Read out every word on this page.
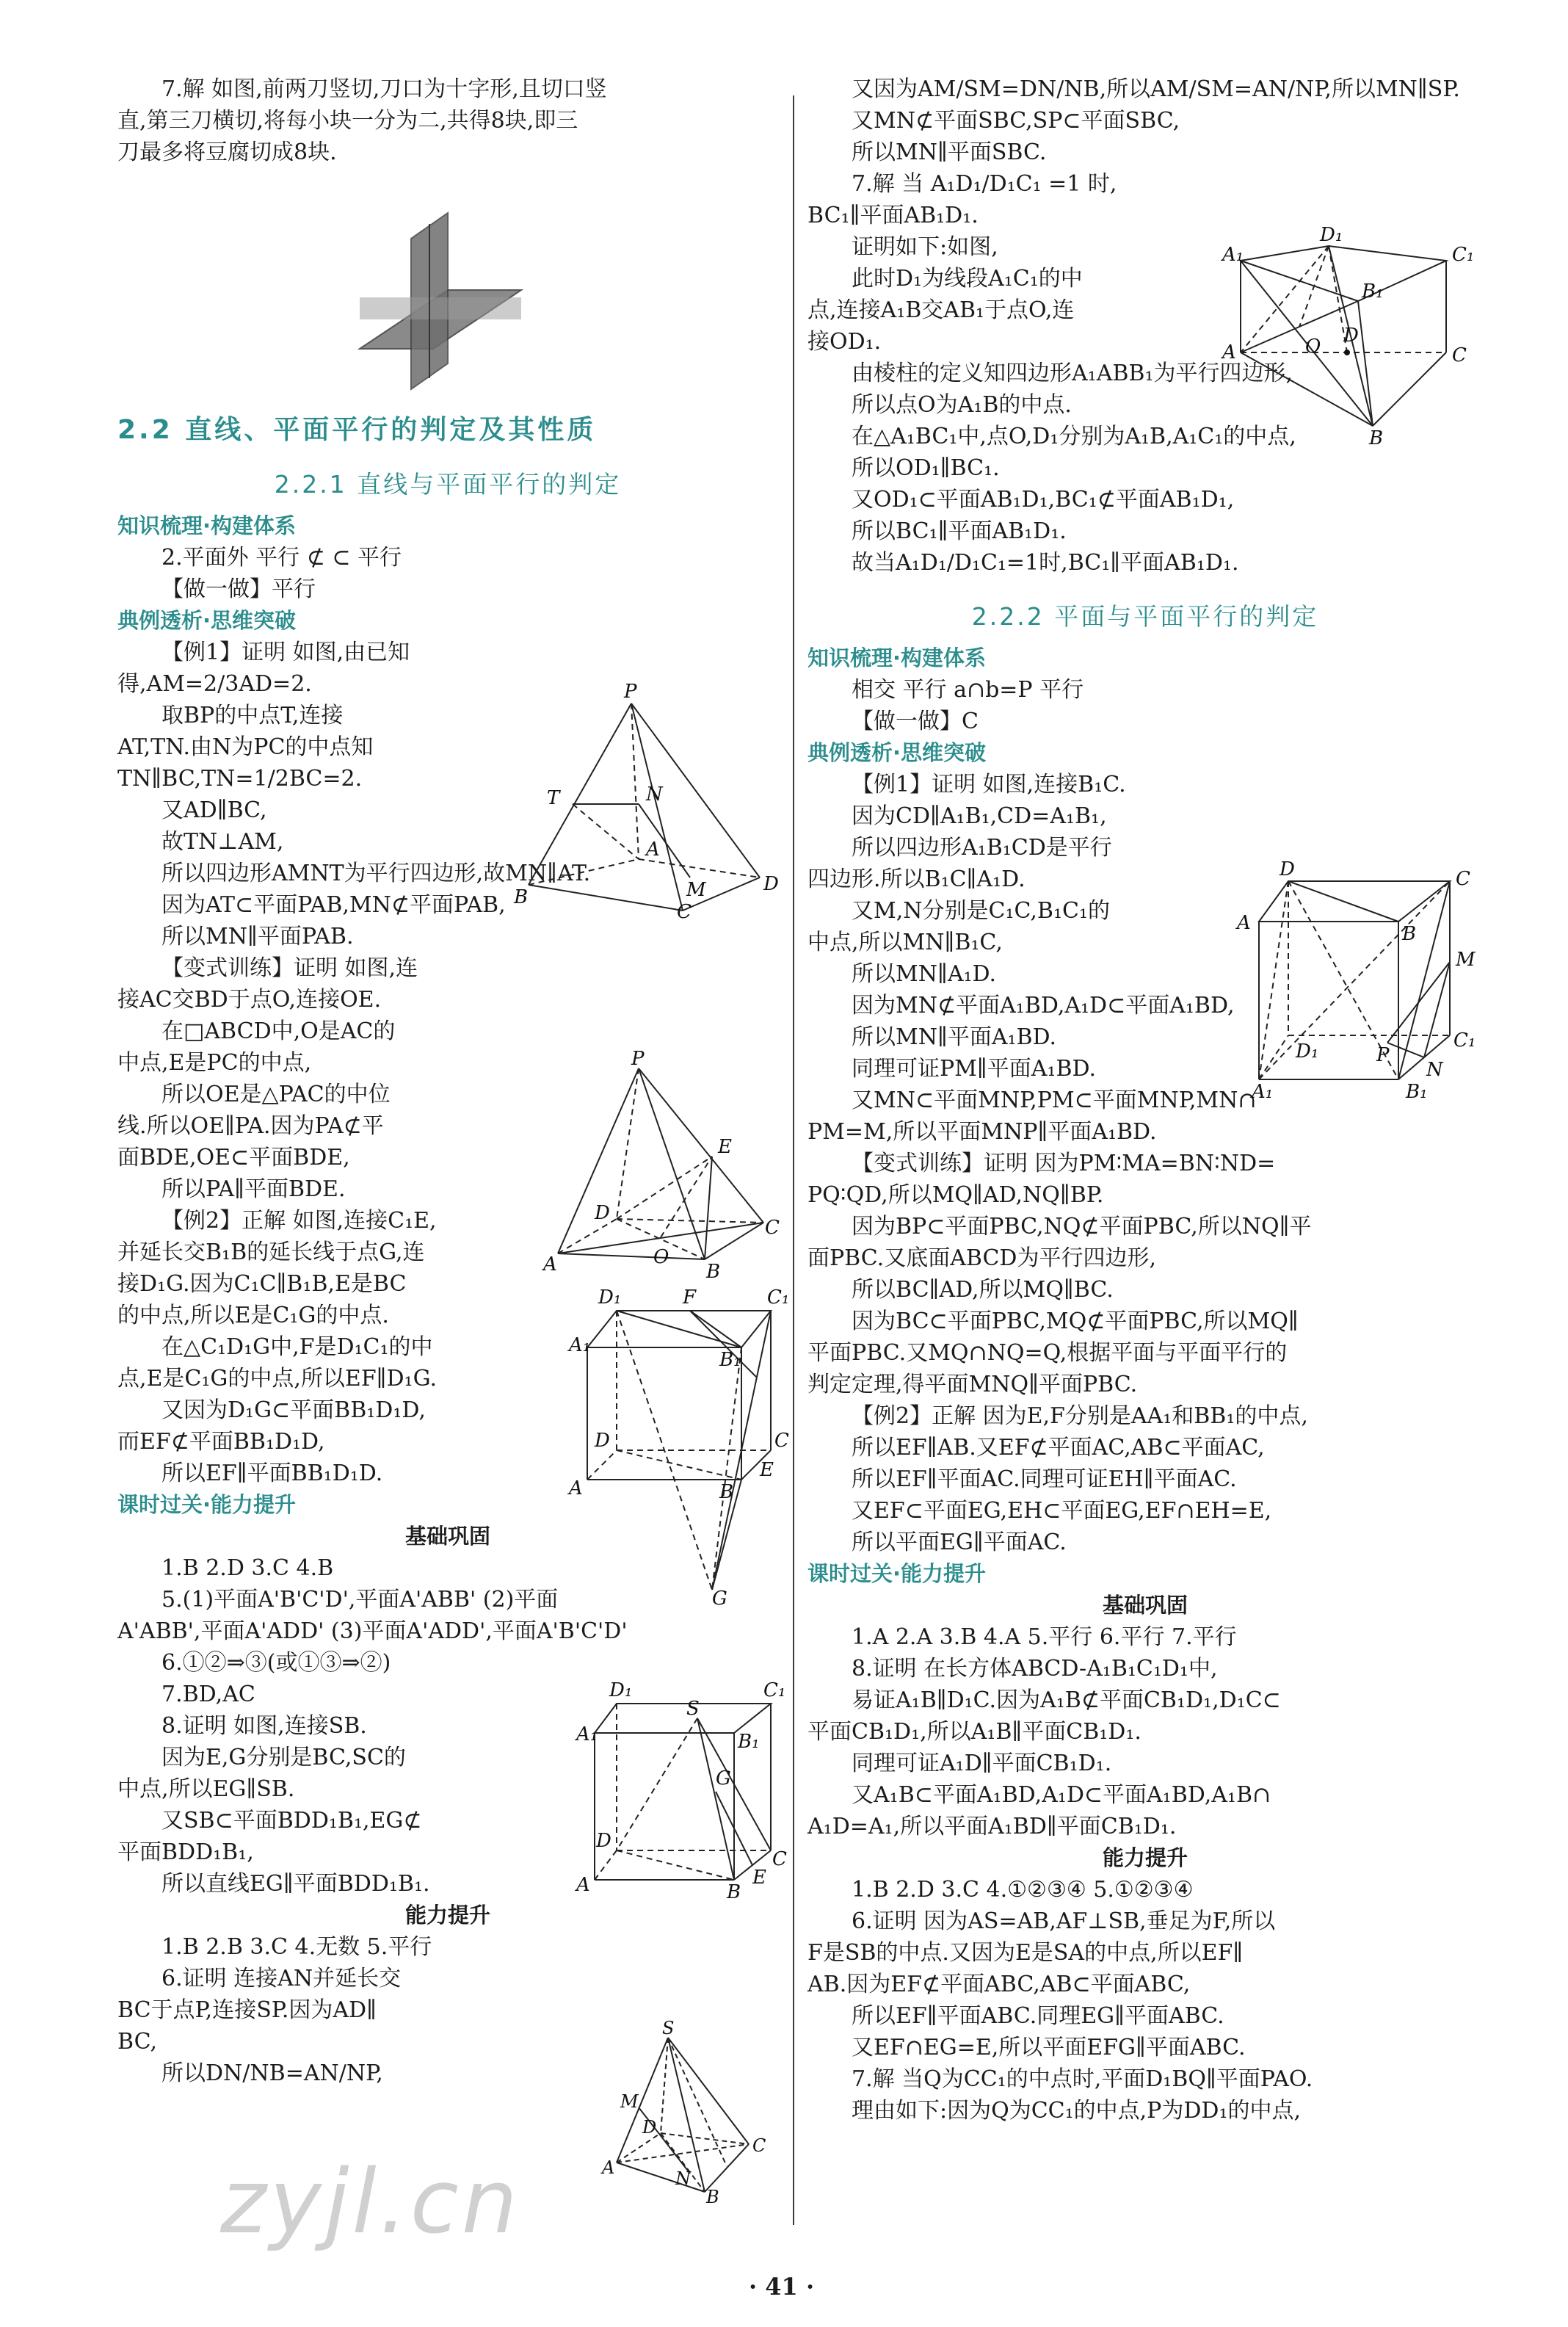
7.解 如图,前两刀竖切,刀口为十字形,且切口竖
直,第三刀横切,将每小块一分为二,共得8块,即三
刀最多将豆腐切成8块.
2.2 直线、平面平行的判定及其性质
2.2.1 直线与平面平行的判定
知识梳理·构建体系
2.平面外 平行 ⊄ ⊂ 平行
【做一做】平行
典例透析·思维突破
【例1】证明 如图,由已知
得,AM=2/3AD=2.
取BP的中点T,连接
AT,TN.由N为PC的中点知
TN∥BC,TN=1/2BC=2.
又AD∥BC,
故TN⊥AM,
所以四边形AMNT为平行四边形,故MN∥AT.
因为AT⊂平面PAB,MN⊄平面PAB,
所以MN∥平面PAB.
【变式训练】证明 如图,连
接AC交BD于点O,连接OE.
在□ABCD中,O是AC的
中点,E是PC的中点,
所以OE是△PAC的中位
线.所以OE∥PA.因为PA⊄平
面BDE,OE⊂平面BDE,
所以PA∥平面BDE.
【例2】正解 如图,连接C₁E,
并延长交B₁B的延长线于点G,连
接D₁G.因为C₁C∥B₁B,E是BC
的中点,所以E是C₁G的中点.
在△C₁D₁G中,F是D₁C₁的中
点,E是C₁G的中点,所以EF∥D₁G.
又因为D₁G⊂平面BB₁D₁D,
而EF⊄平面BB₁D₁D,
所以EF∥平面BB₁D₁D.
课时过关·能力提升
基础巩固
1.B 2.D 3.C 4.B
5.(1)平面A'B'C'D',平面A'ABB' (2)平面
A'ABB',平面A'ADD' (3)平面A'ADD',平面A'B'C'D'
6.①②⇒③(或①③⇒②)
7.BD,AC
8.证明 如图,连接SB.
因为E,G分别是BC,SC的
中点,所以EG∥SB.
又SB⊂平面BDD₁B₁,EG⊄
平面BDD₁B₁,
所以直线EG∥平面BDD₁B₁.
能力提升
1.B 2.B 3.C 4.无数 5.平行
6.证明 连接AN并延长交
BC于点P,连接SP.因为AD∥
BC,
所以DN/NB=AN/NP,
又因为AM/SM=DN/NB,所以AM/SM=AN/NP,所以MN∥SP.
又MN⊄平面SBC,SP⊂平面SBC,
所以MN∥平面SBC.
7.解 当 A₁D₁/D₁C₁ =1 时,
BC₁∥平面AB₁D₁.
证明如下:如图,
此时D₁为线段A₁C₁的中
点,连接A₁B交AB₁于点O,连
接OD₁.
由棱柱的定义知四边形A₁ABB₁为平行四边形,
所以点O为A₁B的中点.
在△A₁BC₁中,点O,D₁分别为A₁B,A₁C₁的中点,
所以OD₁∥BC₁.
又OD₁⊂平面AB₁D₁,BC₁⊄平面AB₁D₁,
所以BC₁∥平面AB₁D₁.
故当A₁D₁/D₁C₁=1时,BC₁∥平面AB₁D₁.
2.2.2 平面与平面平行的判定
知识梳理·构建体系
相交 平行 a∩b=P 平行
【做一做】C
典例透析·思维突破
【例1】证明 如图,连接B₁C.
因为CD∥A₁B₁,CD=A₁B₁,
所以四边形A₁B₁CD是平行
四边形.所以B₁C∥A₁D.
又M,N分别是C₁C,B₁C₁的
中点,所以MN∥B₁C,
所以MN∥A₁D.
因为MN⊄平面A₁BD,A₁D⊂平面A₁BD,
所以MN∥平面A₁BD.
同理可证PM∥平面A₁BD.
又MN⊂平面MNP,PM⊂平面MNP,MN∩
PM=M,所以平面MNP∥平面A₁BD.
【变式训练】证明 因为PM∶MA=BN∶ND=
PQ∶QD,所以MQ∥AD,NQ∥BP.
因为BP⊂平面PBC,NQ⊄平面PBC,所以NQ∥平
面PBC.又底面ABCD为平行四边形,
所以BC∥AD,所以MQ∥BC.
因为BC⊂平面PBC,MQ⊄平面PBC,所以MQ∥
平面PBC.又MQ∩NQ=Q,根据平面与平面平行的
判定定理,得平面MNQ∥平面PBC.
【例2】正解 因为E,F分别是AA₁和BB₁的中点,
所以EF∥AB.又EF⊄平面AC,AB⊂平面AC,
所以EF∥平面AC.同理可证EH∥平面AC.
又EF⊂平面EG,EH⊂平面EG,EF∩EH=E,
所以平面EG∥平面AC.
课时过关·能力提升
基础巩固
1.A 2.A 3.B 4.A 5.平行 6.平行 7.平行
8.证明 在长方体ABCD-A₁B₁C₁D₁中,
易证A₁B∥D₁C.因为A₁B⊄平面CB₁D₁,D₁C⊂
平面CB₁D₁,所以A₁B∥平面CB₁D₁.
同理可证A₁D∥平面CB₁D₁.
又A₁B⊂平面A₁BD,A₁D⊂平面A₁BD,A₁B∩
A₁D=A₁,所以平面A₁BD∥平面CB₁D₁.
能力提升
1.B 2.D 3.C 4.①②③④ 5.①②③④
6.证明 因为AS=AB,AF⊥SB,垂足为F,所以
F是SB的中点.又因为E是SA的中点,所以EF∥
AB.因为EF⊄平面ABC,AB⊂平面ABC,
所以EF∥平面ABC.同理EG∥平面ABC.
又EF∩EG=E,所以平面EFG∥平面ABC.
7.解 当Q为CC₁的中点时,平面D₁BQ∥平面PAO.
理由如下:因为Q为CC₁的中点,P为DD₁的中点,
P
T	N
A
M
B
C
D
P
E
D
O
A	B
C
D₁	F	C₁
A₁
B₁
D	C
E
A	B
G
D₁
S
C₁
A₁	B₁
D
G
C
E
A	B
S
M
D
C
A
N
B
A₁
D₁
C₁
B₁
A	O D
C
B
D	C
A
M
B
D₁	P
C₁
N
A₁	B₁
zyjl.cn
· 41 ·
